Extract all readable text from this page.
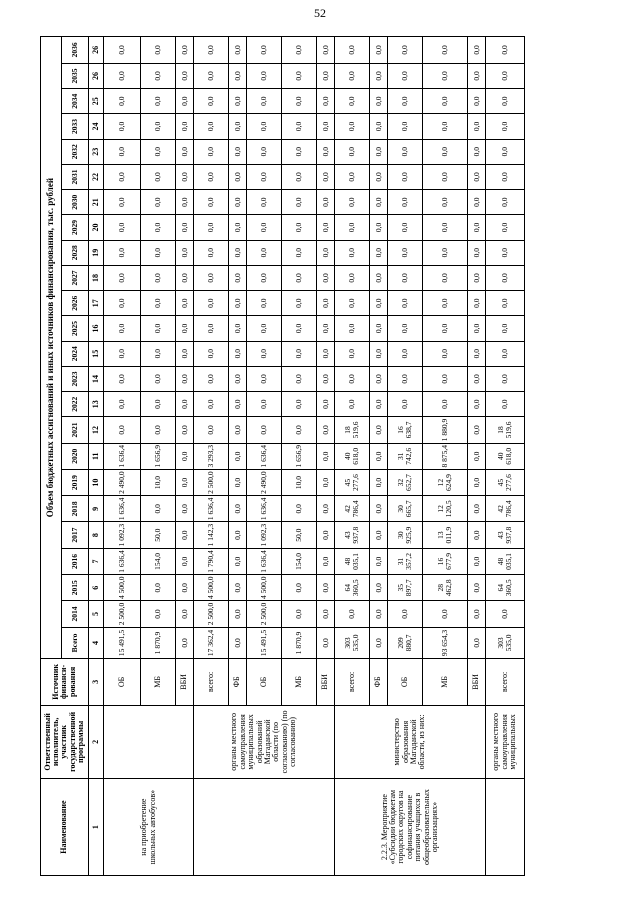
52
Наименование	Ответственный исполнитель, участник государственной программы	Источник финанси-рования	Объем бюджетных ассигнований и иных источников финансирования, тыс. рублей																							
			Всего	2014	2015	2016	2017	2018	2019	2020	2021	2022	2023	2024	2025	2026	2027	2028	2029	2030	2031	2032	2033	2034	2035	2036
1	2	3	4	5	6	7	8	9	10	11	12	13	14	15	16	17	18	19	20	21	22	23	24	25	26	26
на приобретение школьных автобусов»		ОБ	15 491,5	2 500,0	4 500,0	1 636,4	1 092,3	1 636,4	2 490,0	1 636,4	0,0	0,0	0,0	0,0	0,0	0,0	0,0	0,0	0,0	0,0	0,0	0,0	0,0	0,0	0,0	0,0
		МБ	1 870,9	0,0	0,0	154,0	50,0	0,0	10,0	1 656,9	0,0	0,0	0,0	0,0	0,0	0,0	0,0	0,0	0,0	0,0	0,0	0,0	0,0	0,0	0,0	0,0
		ВБИ	0,0	0,0	0,0	0,0	0,0	0,0	0,0	0,0	0,0	0,0	0,0	0,0	0,0	0,0	0,0	0,0	0,0	0,0	0,0	0,0	0,0	0,0	0,0	0,0
	органы местного самоуправления муниципальных образований Магаданской области (по согласованию) (по согласованию)	всего:	17 362,4	2 500,0	4 500,0	1 790,4	1 142,3	1 636,4	2 500,0	3 293,3	0,0	0,0	0,0	0,0	0,0	0,0	0,0	0,0	0,0	0,0	0,0	0,0	0,0	0,0	0,0	0,0
		ФБ	0,0	0,0	0,0	0,0	0,0	0,0	0,0	0,0	0,0	0,0	0,0	0,0	0,0	0,0	0,0	0,0	0,0	0,0	0,0	0,0	0,0	0,0	0,0	0,0
		ОБ	15 491,5	2 500,0	4 500,0	1 636,4	1 092,3	1 636,4	2 490,0	1 636,4	0,0	0,0	0,0	0,0	0,0	0,0	0,0	0,0	0,0	0,0	0,0	0,0	0,0	0,0	0,0	0,0
		МБ	1 870,9	0,0	0,0	154,0	50,0	0,0	10,0	1 656,9	0,0	0,0	0,0	0,0	0,0	0,0	0,0	0,0	0,0	0,0	0,0	0,0	0,0	0,0	0,0	0,0
		ВБИ	0,0	0,0	0,0	0,0	0,0	0,0	0,0	0,0	0,0	0,0	0,0	0,0	0,0	0,0	0,0	0,0	0,0	0,0	0,0	0,0	0,0	0,0	0,0	0,0
2.2.3. Мероприятие «Субсидии бюджетам городских округов на софинансирование питания учащихся в общеобразовательных организациях»	министерство образования Магаданской области, из них:	всего:	303 535,0	0,0	64 360,5	48 035,1	43 937,8	42 786,4	45 277,6	40 618,0	18 519,6	0,0	0,0	0,0	0,0	0,0	0,0	0,0	0,0	0,0	0,0	0,0	0,0	0,0	0,0	0,0
		ФБ	0,0	0,0	0,0	0,0	0,0	0,0	0,0	0,0	0,0	0,0	0,0	0,0	0,0	0,0	0,0	0,0	0,0	0,0	0,0	0,0	0,0	0,0	0,0	0,0
		ОБ	209 880,7	0,0	35 897,7	31 357,2	30 925,9	30 665,7	32 652,7	31 742,6	16 638,7	0,0	0,0	0,0	0,0	0,0	0,0	0,0	0,0	0,0	0,0	0,0	0,0	0,0	0,0	0,0
		МБ	93 654,3	0,0	28 462,8	16 677,9	13 011,9	12 120,5	12 624,9	8 875,4	1 880,9	0,0	0,0	0,0	0,0	0,0	0,0	0,0	0,0	0,0	0,0	0,0	0,0	0,0	0,0	0,0
		ВБИ	0,0	0,0	0,0	0,0	0,0	0,0	0,0	0,0	0,0	0,0	0,0	0,0	0,0	0,0	0,0	0,0	0,0	0,0	0,0	0,0	0,0	0,0	0,0	0,0
	органы местного самоуправления муниципальных	всего:	303 535,0	0,0	64 360,5	48 035,1	43 937,8	42 786,4	45 277,6	40 618,0	18 519,6	0,0	0,0	0,0	0,0	0,0	0,0	0,0	0,0	0,0	0,0	0,0	0,0	0,0	0,0	0,0
